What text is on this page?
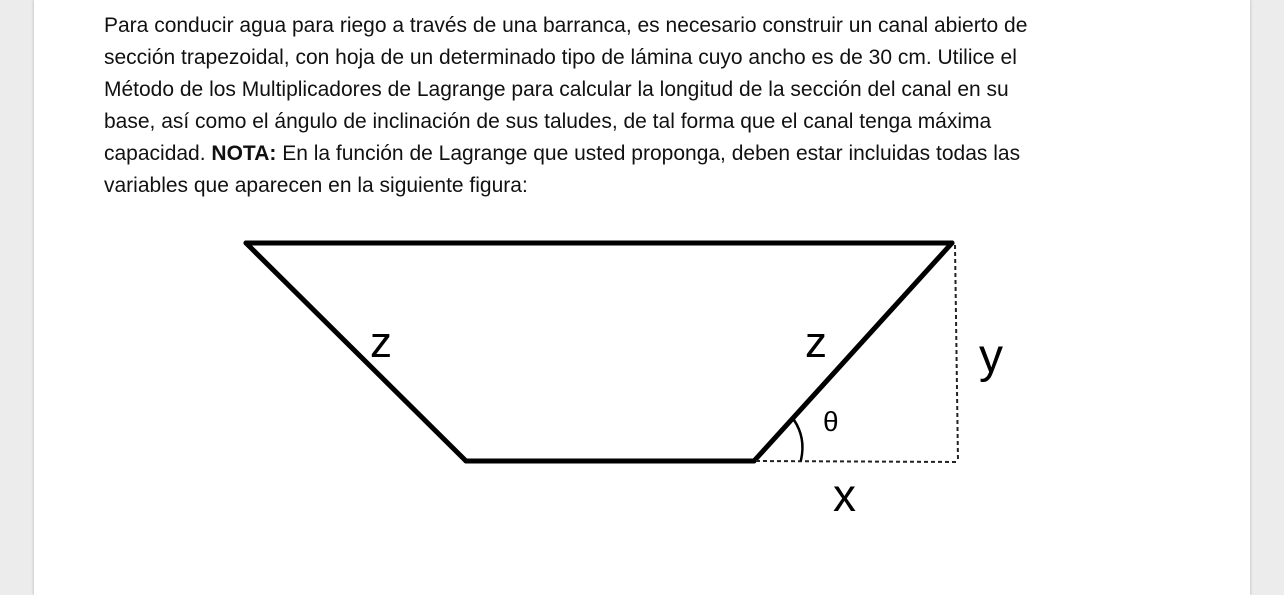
Para conducir agua para riego a través de una barranca, es necesario construir un canal abierto de
sección trapezoidal, con hoja de un determinado tipo de lámina cuyo ancho es de 30 cm. Utilice el
Método de los Multiplicadores de Lagrange para calcular la longitud de la sección del canal en su
base, así como el ángulo de inclinación de sus taludes, de tal forma que el canal tenga máxima
capacidad. NOTA: En la función de Lagrange que usted proponga, deben estar incluidas todas las
variables que aparecen en la siguiente figura:

z	z	y
x
θ
